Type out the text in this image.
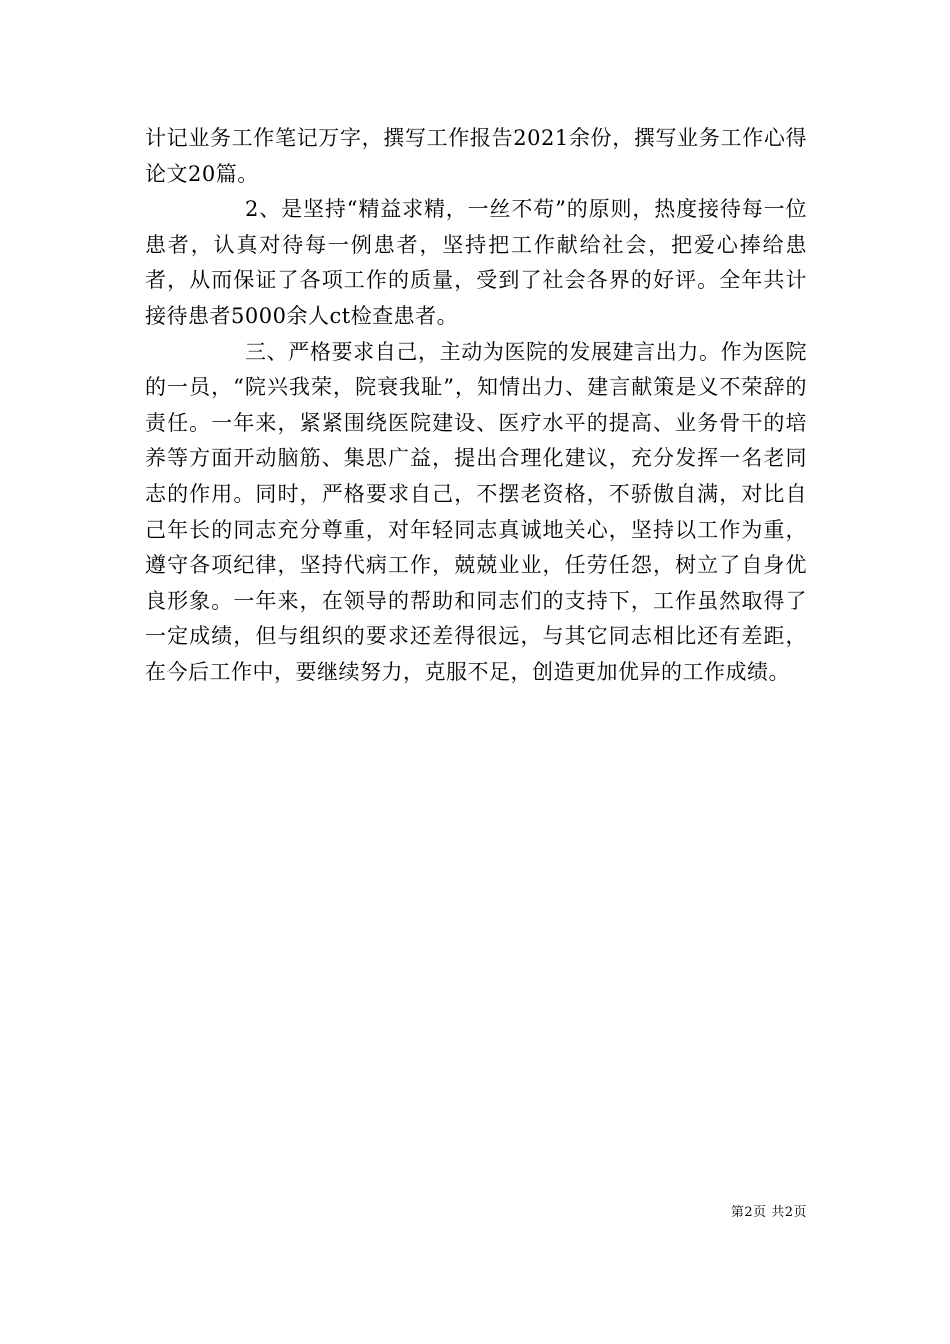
计记业务工作笔记万字，撰写工作报告2021余份，撰写业务工作心得论文20篇。

2、是坚持“精益求精，一丝不苟”的原则，热度接待每一位患者，认真对待每一例患者，坚持把工作献给社会，把爱心捧给患者，从而保证了各项工作的质量，受到了社会各界的好评。全年共计接待患者5000余人ct检查患者。

三、严格要求自己，主动为医院的发展建言出力。作为医院的一员，“院兴我荣，院衰我耻”，知情出力、建言献策是义不荣辞的责任。一年来，紧紧围绕医院建设、医疗水平的提高、业务骨干的培养等方面开动脑筋、集思广益，提出合理化建议，充分发挥一名老同志的作用。同时，严格要求自己，不摆老资格，不骄傲自满，对比自己年长的同志充分尊重，对年轻同志真诚地关心，坚持以工作为重，遵守各项纪律，坚持代病工作，兢兢业业，任劳任怨，树立了自身优良形象。一年来，在领导的帮助和同志们的支持下，工作虽然取得了一定成绩，但与组织的要求还差得很远，与其它同志相比还有差距，在今后工作中，要继续努力，克服不足，创造更加优异的工作成绩。

第2页 共2页
